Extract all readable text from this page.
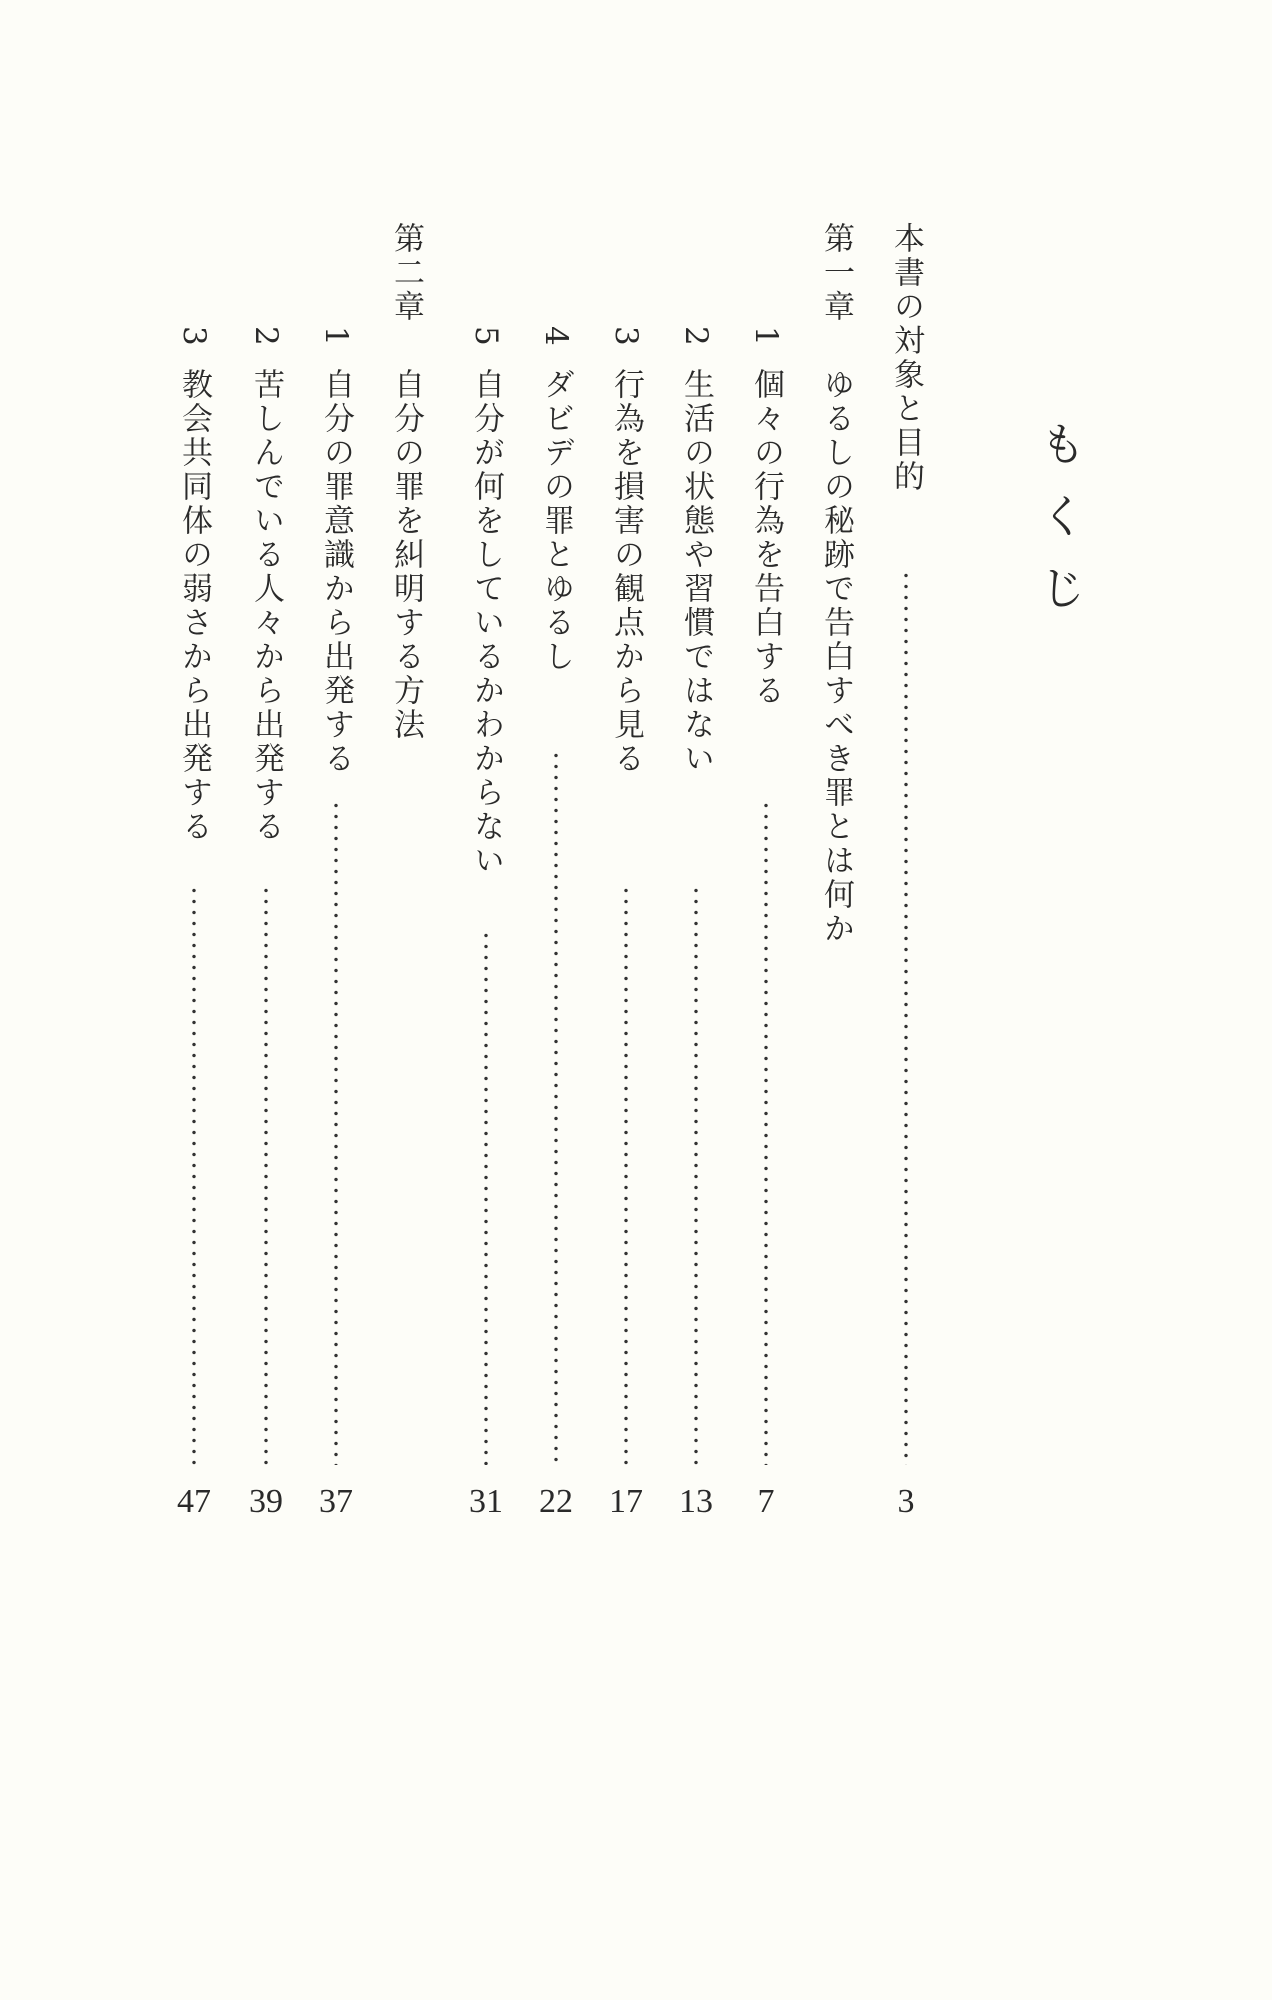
もくじ
本書の対象と目的
3
第一章
ゆるしの秘跡で告白すべき罪とは何か
1
個々の行為を告白する
7
2
生活の状態や習慣ではない
13
3
行為を損害の観点から見る
17
4
ダビデの罪とゆるし
22
5
自分が何をしているかわからない
31
第二章
自分の罪を糾明する方法
1
自分の罪意識から出発する
37
2
苦しんでいる人々から出発する
39
3
教会共同体の弱さから出発する
47
